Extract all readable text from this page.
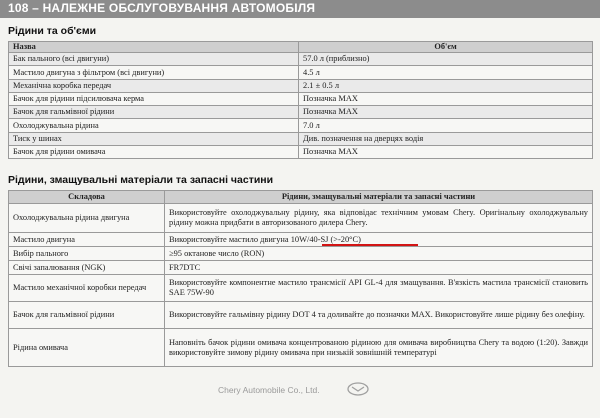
108 – НАЛЕЖНЕ ОБСЛУГОВУВАННЯ АВТОМОБІЛЯ
Рідини та об'єми
Назва	Об'єм
Бак пального (всі двигуни)	57.0 л (приблизно)
Мастило двигуна з фільтром (всі двигуни)	4.5 л
Механічна коробка передач	2.1 ± 0.5 л
Бачок для рідини підсилювача керма	Позначка MAX
Бачок для гальмівної рідини	Позначка MAX
Охолоджувальна рідина	7.0 л
Тиск у шинах	Див. позначення на дверцях водія
Бачок для рідини омивача	Позначка MAX
Рідини, змащувальні матеріали та запасні частини
Складова	Рідини, змащувальні матеріали та запасні частини
Охолоджувальна рідина двигуна	Використовуйте охолоджувальну рідину, яка відповідає технічним умовам Chery. Оригінальну охолоджувальну рідину можна придбати в авторизованого дилера Chery.
Мастило двигуна	Використовуйте мастило двигуна 10W/40-SJ (>-20°C)
Вибір пального	≥95 октанове число (RON)
Свічі запалювання (NGK)	FR7DTC
Мастило механічної коробки передач	Використовуйте компонентне мастило трансмісії API GL-4 для змащування. В'язкість мастила трансмісії становить SAE 75W-90
Бачок для гальмівної рідини	Використовуйте гальмівну рідину DOT 4 та доливайте до позначки MAX. Використовуйте лише рідину без олефіну.
Рідина омивача	Наповніть бачок рідини омивача концентрованою рідиною для омивача виробництва Chery та водою (1:20). Завжди використовуйте зимову рідину омивача при низькій зовнішній температурі
Chery Automobile Co., Ltd.
